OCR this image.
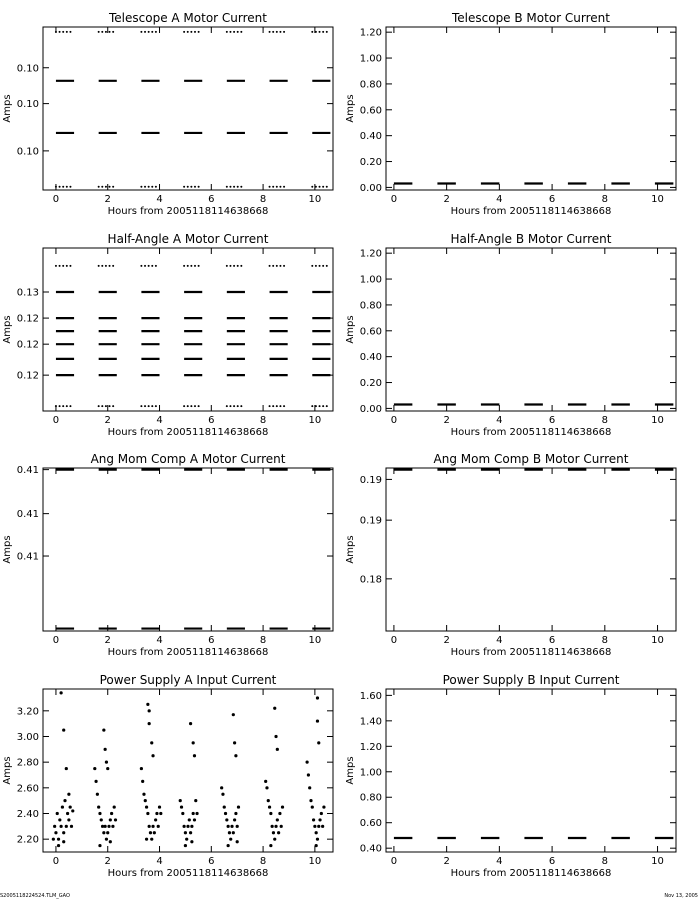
Telescope A Motor Current
0	2	4	6	8	10
0.10
0.10
0.10
Hours from 2005118114638668
Amps
Telescope B Motor Current
0	2	4	6	8	10
0.00
0.20
0.40
0.60
0.80
1.00
1.20
Hours from 2005118114638668
Amps
Half-Angle A Motor Current
0	2	4	6	8	10
0.13
0.12
0.12
0.12
Hours from 2005118114638668
Amps
Half-Angle B Motor Current
0	2	4	6	8	10
0.00
0.20
0.40
0.60
0.80
1.00
1.20
Hours from 2005118114638668
Amps
Ang Mom Comp A Motor Current
0	2	4	6	8	10
0.41
0.41
0.41
Hours from 2005118114638668
Amps
Ang Mom Comp B Motor Current
0	2	4	6	8	10
0.19
0.19
0.18
Hours from 2005118114638668
Amps
Power Supply A Input Current
0	2	4	6	8	10
2.20
2.40
2.60
2.80
3.00
3.20
Hours from 2005118114638668
Amps
Power Supply B Input Current
0	2	4	6	8	10
0.40
0.60
0.80
1.00
1.20
1.40
1.60
Hours from 2005118114638668
Amps
S2005118224524.TLM_GAO	Nov 13, 2005
